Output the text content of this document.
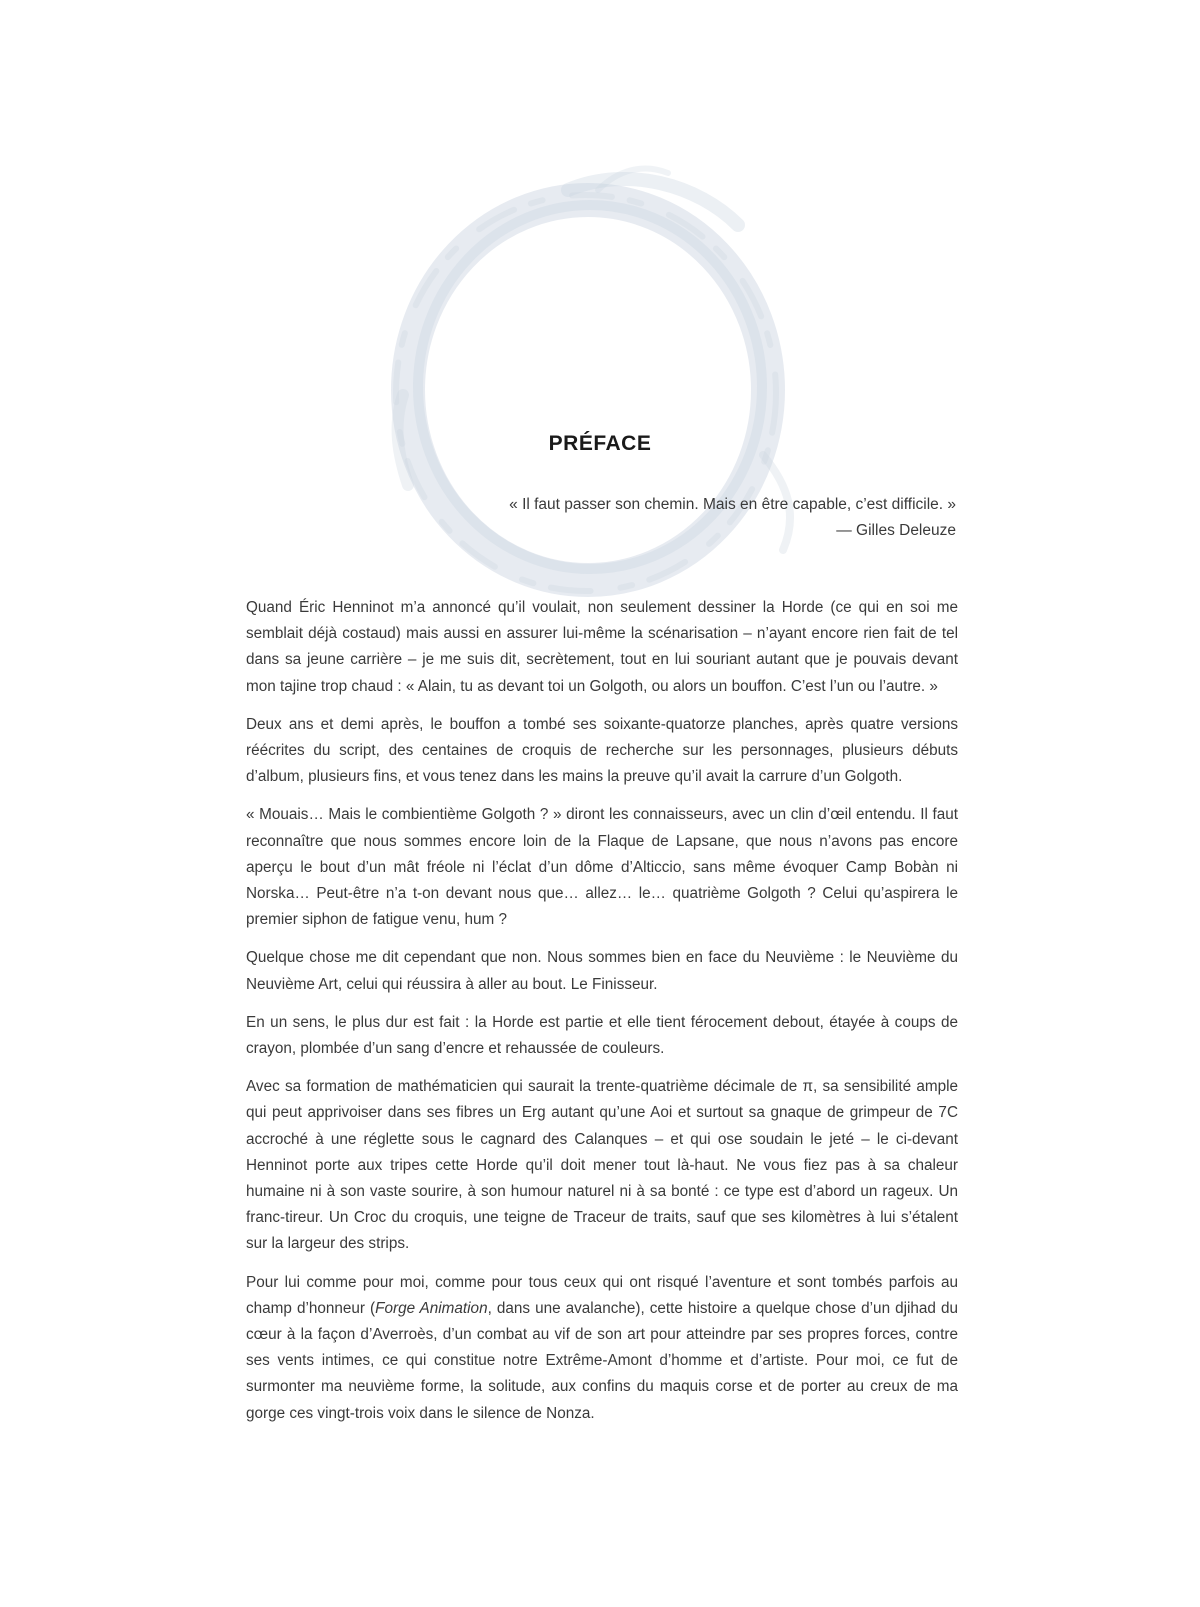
PRÉFACE
« Il faut passer son chemin. Mais en être capable, c’est difficile. »
— Gilles Deleuze

Quand Éric Henninot m’a annoncé qu’il voulait, non seulement dessiner la Horde (ce qui en soi me semblait déjà costaud) mais aussi en assurer lui-même la scénarisation – n’ayant encore rien fait de tel dans sa jeune carrière – je me suis dit, secrètement, tout en lui souriant autant que je pouvais devant mon tajine trop chaud : « Alain, tu as devant toi un Golgoth, ou alors un bouffon. C’est l’un ou l’autre. »

Deux ans et demi après, le bouffon a tombé ses soixante-quatorze planches, après quatre versions réécrites du script, des centaines de croquis de recherche sur les personnages, plusieurs débuts d’album, plusieurs fins, et vous tenez dans les mains la preuve qu’il avait la carrure d’un Golgoth.

« Mouais… Mais le combientième Golgoth ? » diront les connaisseurs, avec un clin d’œil entendu. Il faut reconnaître que nous sommes encore loin de la Flaque de Lapsane, que nous n’avons pas encore aperçu le bout d’un mât fréole ni l’éclat d’un dôme d’Alticcio, sans même évoquer Camp Bobàn ni Norska… Peut-être n’a t-on devant nous que… allez… le… quatrième Golgoth ? Celui qu’aspirera le premier siphon de fatigue venu, hum ?

Quelque chose me dit cependant que non. Nous sommes bien en face du Neuvième : le Neuvième du Neuvième Art, celui qui réussira à aller au bout. Le Finisseur.

En un sens, le plus dur est fait : la Horde est partie et elle tient férocement debout, étayée à coups de crayon, plombée d’un sang d’encre et rehaussée de couleurs.

Avec sa formation de mathématicien qui saurait la trente-quatrième décimale de π, sa sensibilité ample qui peut apprivoiser dans ses fibres un Erg autant qu’une Aoi et surtout sa gnaque de grimpeur de 7C accroché à une réglette sous le cagnard des Calanques – et qui ose soudain le jeté – le ci-devant Henninot porte aux tripes cette Horde qu’il doit mener tout là-haut. Ne vous fiez pas à sa chaleur humaine ni à son vaste sourire, à son humour naturel ni à sa bonté : ce type est d’abord un rageux. Un franc-tireur. Un Croc du croquis, une teigne de Traceur de traits, sauf que ses kilomètres à lui s’étalent sur la largeur des strips.

Pour lui comme pour moi, comme pour tous ceux qui ont risqué l’aventure et sont tombés parfois au champ d’honneur (Forge Animation, dans une avalanche), cette histoire a quelque chose d’un djihad du cœur à la façon d’Averroès, d’un combat au vif de son art pour atteindre par ses propres forces, contre ses vents intimes, ce qui constitue notre Extrême-Amont d’homme et d’artiste. Pour moi, ce fut de surmonter ma neuvième forme, la solitude, aux confins du maquis corse et de porter au creux de ma gorge ces vingt-trois voix dans le silence de Nonza.
